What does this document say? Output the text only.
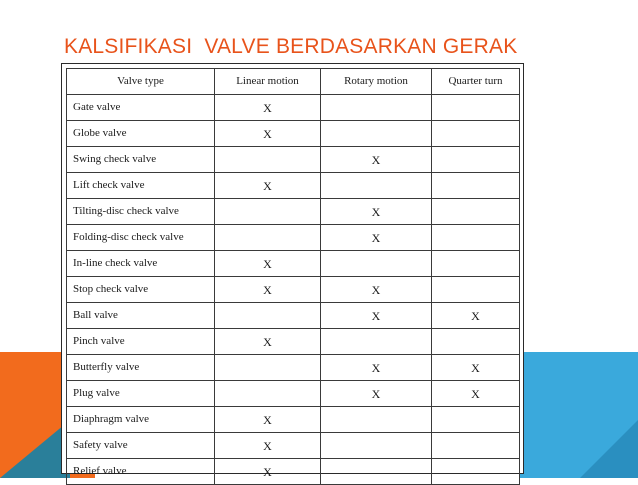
KALSIFIKASI  VALVE BERDASARKAN GERAK
Valve type	Linear motion	Rotary motion	Quarter turn
Gate valve	X		
Globe valve	X		
Swing check valve		X	
Lift check valve	X		
Tilting-disc check valve		X	
Folding-disc check valve		X	
In-line check valve	X		
Stop check valve	X	X	
Ball valve		X	X
Pinch valve	X		
Butterfly valve		X	X
Plug valve		X	X
Diaphragm valve	X		
Safety valve	X		
Relief valve	X		
